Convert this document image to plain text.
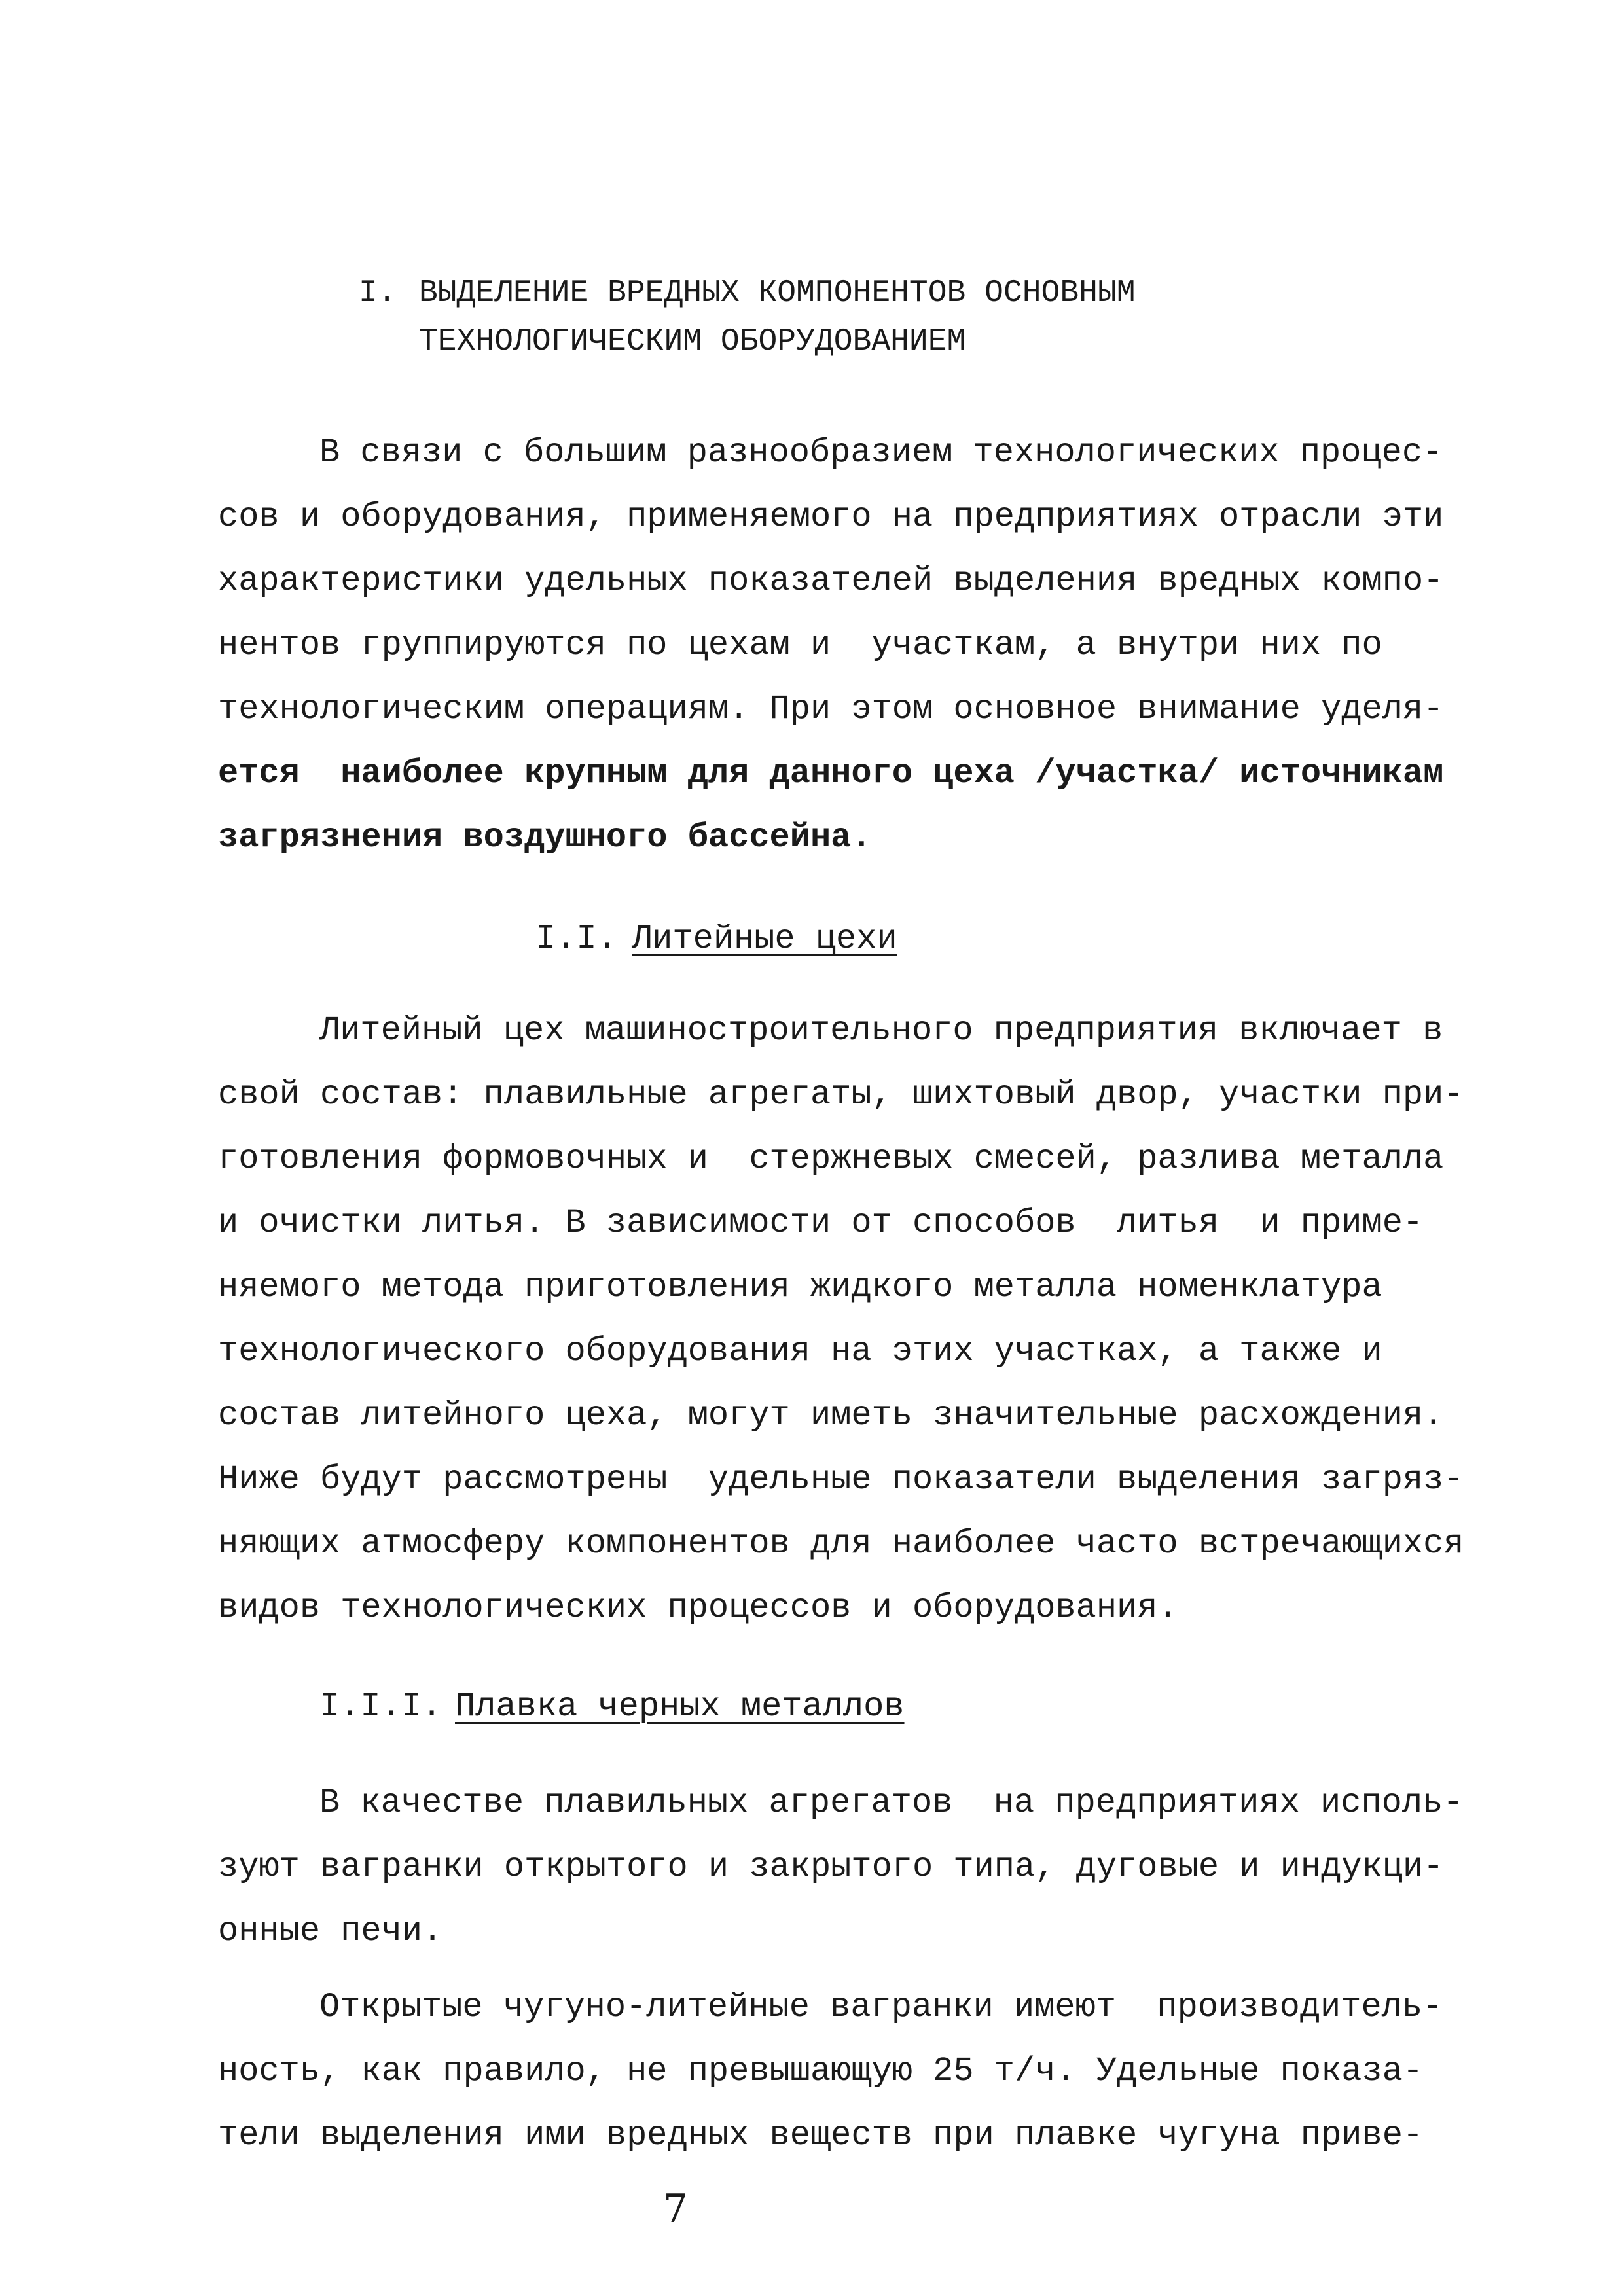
I. ВЫДЕЛЕНИЕ ВРЕДНЫХ КОМПОНЕНТОВ ОСНОВНЫМ
ТЕХНОЛОГИЧЕСКИМ ОБОРУДОВАНИЕМ
В связи с большим разнообразием технологических процес-
сов и оборудования, применяемого на предприятиях отрасли эти
характеристики удельных показателей выделения вредных компо-
нентов группируются по цехам и  участкам, а внутри них по
технологическим операциям. При этом основное внимание уделя-
ется  наиболее крупным для данного цеха /участка/ источникам
загрязнения воздушного бассейна.
I.I. Литейные цехи
Литейный цех машиностроительного предприятия включает в
свой состав: плавильные агрегаты, шихтовый двор, участки при-
готовления формовочных и  стержневых смесей, разлива металла
и очистки литья. В зависимости от способов  литья  и приме-
няемого метода приготовления жидкого металла номенклатура
технологического оборудования на этих участках, а также и
состав литейного цеха, могут иметь значительные расхождения.
Ниже будут рассмотрены  удельные показатели выделения загряз-
няющих атмосферу компонентов для наиболее часто встречающихся
видов технологических процессов и оборудования.
I.I.I. Плавка черных металлов
В качестве плавильных агрегатов  на предприятиях исполь-
зуют вагранки открытого и закрытого типа, дуговые и индукци-
онные печи.
Открытые чугуно-литейные вагранки имеют  производитель-
ность, как правило, не превышающую 25 т/ч. Удельные показа-
тели выделения ими вредных веществ при плавке чугуна приве-
7
